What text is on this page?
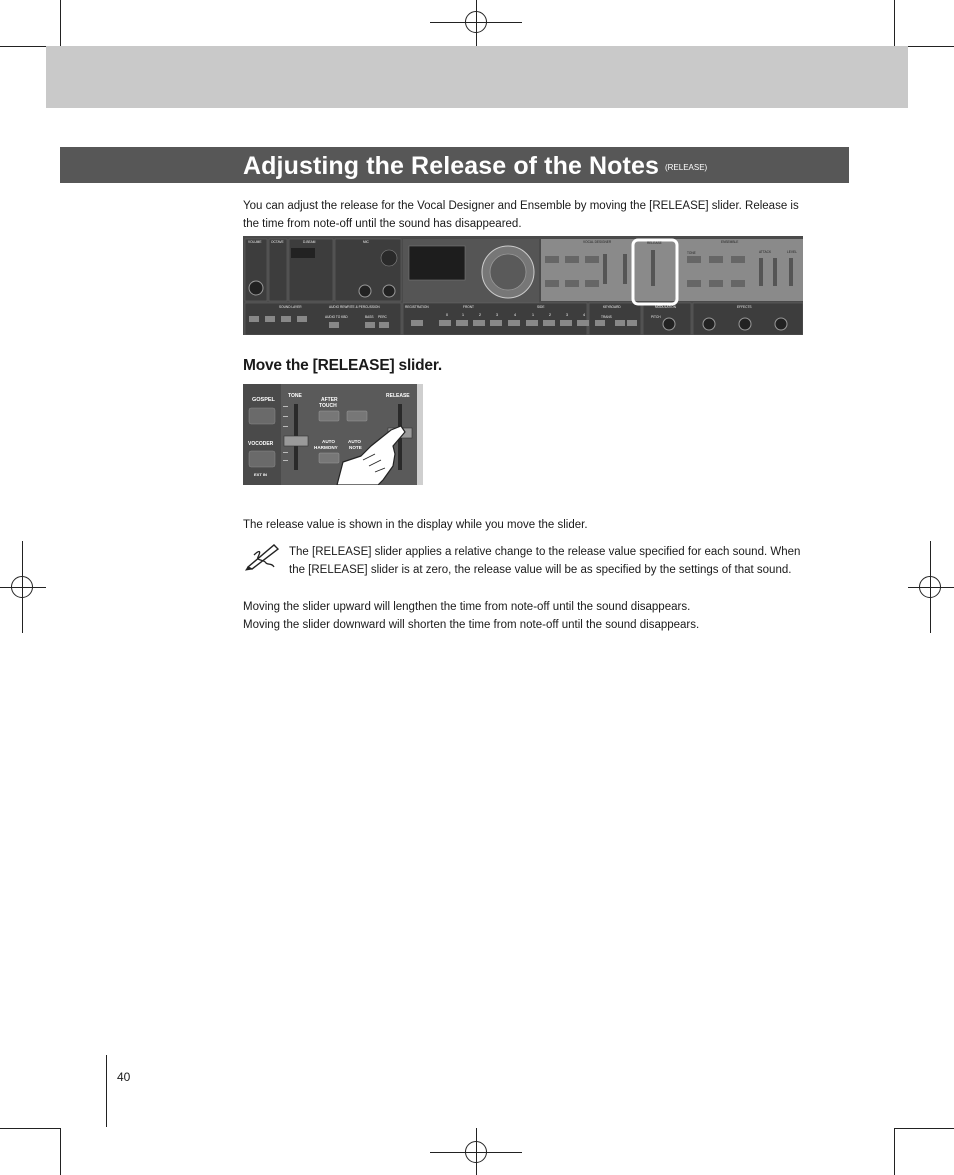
Adjusting the Release of the Notes (RELEASE)
You can adjust the release for the Vocal Designer and Ensemble by moving the [RELEASE] slider. Release is
the time from note-off until the sound has disappeared.
VOLUME	OCTAVE	D-BEAM	MIC	VOCAL DESIGNER	ENSEMBLE
SOUND LAYER	AUDIO REWRITE & PERCUSSION	REGISTRATION	FRONT	SIDE	KEYBOARD	MODULATION	EFFECTS
AUDIO TO KBD	BASS PERC	PITCH
RELEASE
TONE	ATTACK	LEVEL
TRANS
0	1	2	3	4	1	2	3	4
Move the [RELEASE] slider.
GOSPEL
VOCODER
EXT IN
TONE
AFTER
TOUCH
AUTO
HARMONY
AUTO
NOTE
RELEASE
The release value is shown in the display while you move the slider.
The [RELEASE] slider applies a relative change to the release value specified for each sound. When
the [RELEASE] slider is at zero, the release value will be as specified by the settings of that sound.
Moving the slider upward will lengthen the time from note-off until the sound disappears.
Moving the slider downward will shorten the time from note-off until the sound disappears.
40
